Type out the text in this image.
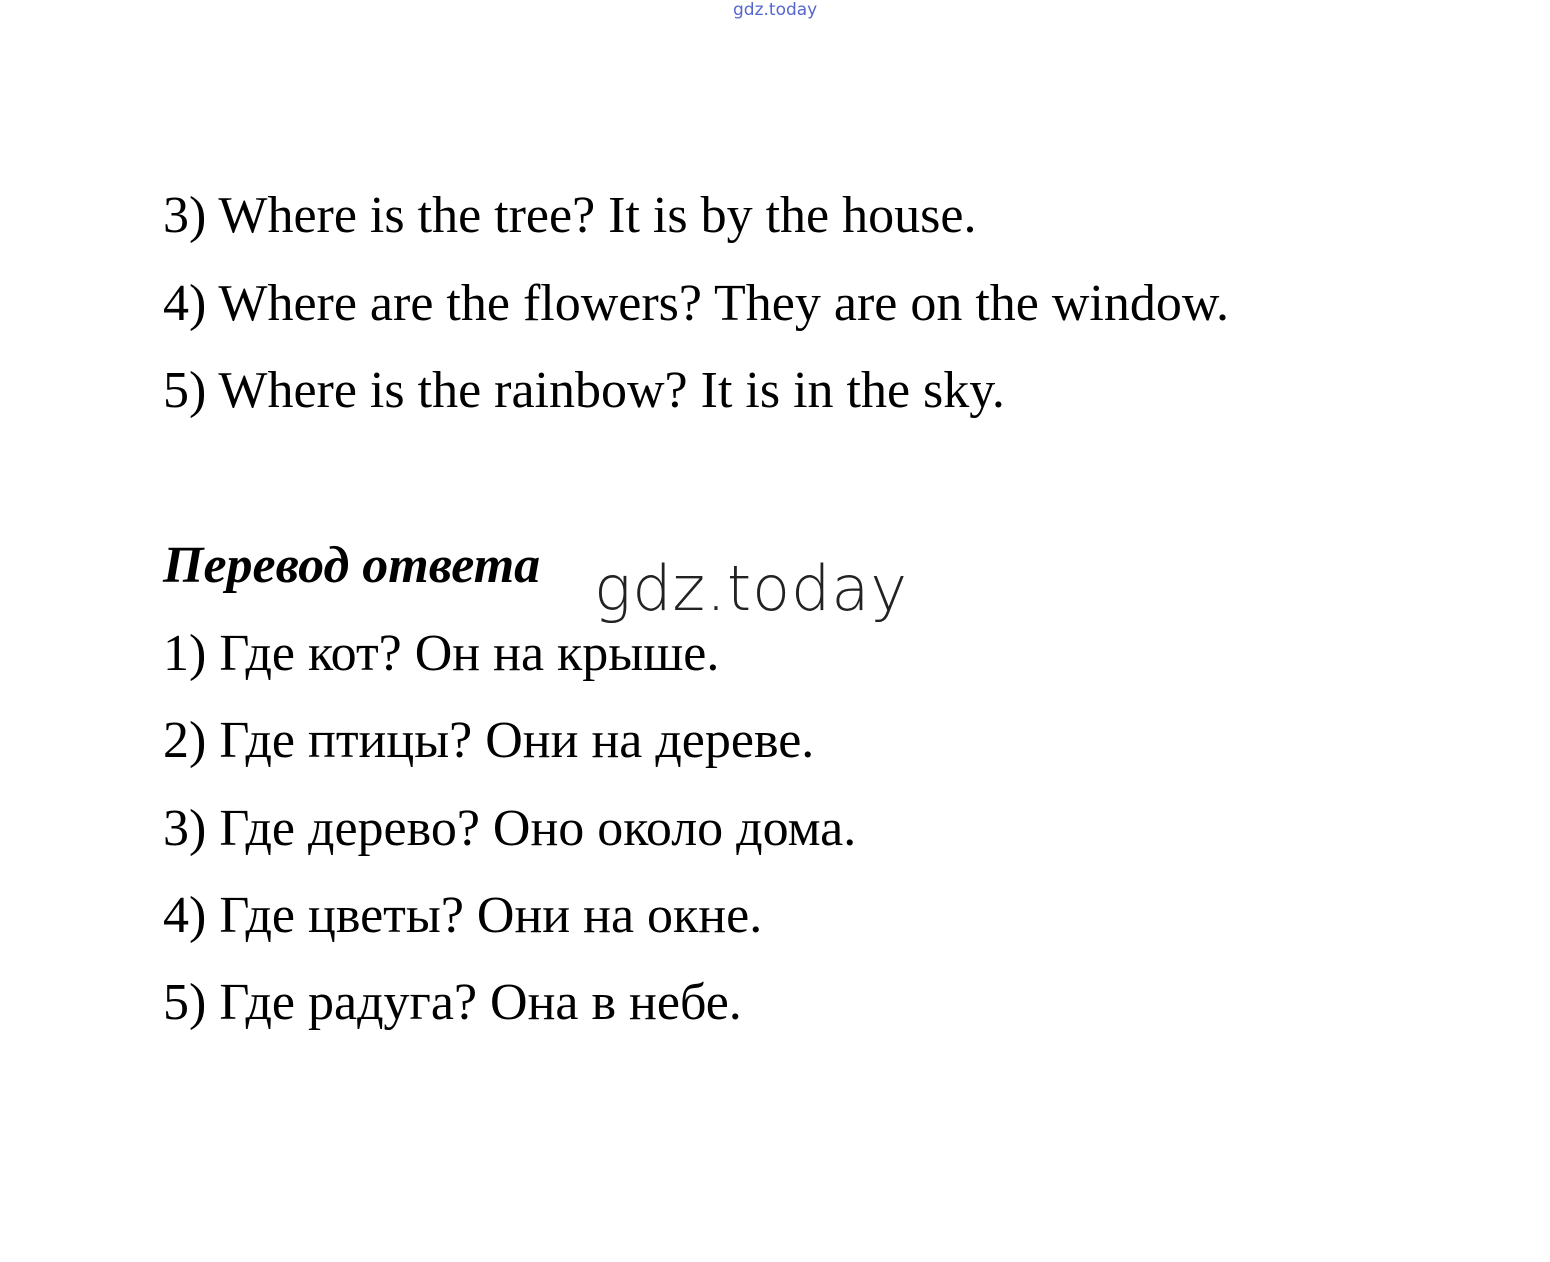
gdz.today
3) Where is the tree? It is by the house.
4) Where are the flowers? They are on the window.
5) Where is the rainbow? It is in the sky.
Перевод ответа gdz.today
1) Где кот? Он на крыше.
2) Где птицы? Они на дереве.
3) Где дерево? Оно около дома.
4) Где цветы? Они на окне.
5) Где радуга? Она в небе.
